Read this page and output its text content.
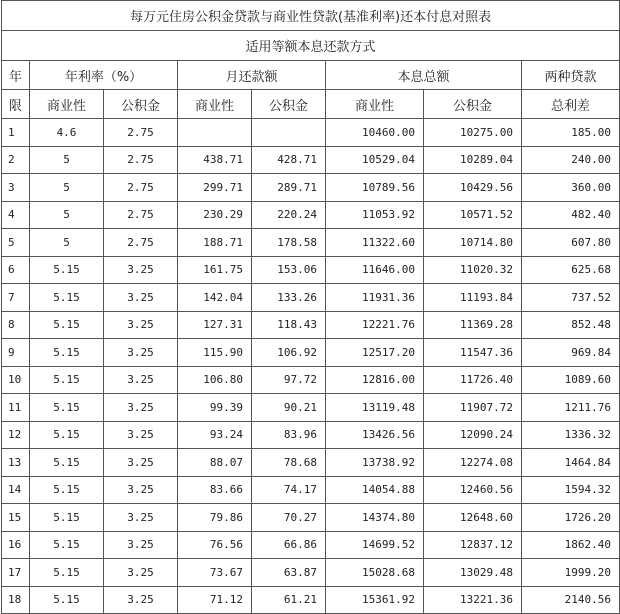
每万元住房公积金贷款与商业性贷款(基准利率)还本付息对照表							
适用等额本息还款方式							
年	年利率（%）		月还款额		本息总额		两种贷款
限	商业性	公积金	商业性	公积金	商业性	公积金	总利差
1	4.6	2.75			10460.00	10275.00	185.00
2	5	2.75	438.71	428.71	10529.04	10289.04	240.00
3	5	2.75	299.71	289.71	10789.56	10429.56	360.00
4	5	2.75	230.29	220.24	11053.92	10571.52	482.40
5	5	2.75	188.71	178.58	11322.60	10714.80	607.80
6	5.15	3.25	161.75	153.06	11646.00	11020.32	625.68
7	5.15	3.25	142.04	133.26	11931.36	11193.84	737.52
8	5.15	3.25	127.31	118.43	12221.76	11369.28	852.48
9	5.15	3.25	115.90	106.92	12517.20	11547.36	969.84
10	5.15	3.25	106.80	97.72	12816.00	11726.40	1089.60
11	5.15	3.25	99.39	90.21	13119.48	11907.72	1211.76
12	5.15	3.25	93.24	83.96	13426.56	12090.24	1336.32
13	5.15	3.25	88.07	78.68	13738.92	12274.08	1464.84
14	5.15	3.25	83.66	74.17	14054.88	12460.56	1594.32
15	5.15	3.25	79.86	70.27	14374.80	12648.60	1726.20
16	5.15	3.25	76.56	66.86	14699.52	12837.12	1862.40
17	5.15	3.25	73.67	63.87	15028.68	13029.48	1999.20
18	5.15	3.25	71.12	61.21	15361.92	13221.36	2140.56
